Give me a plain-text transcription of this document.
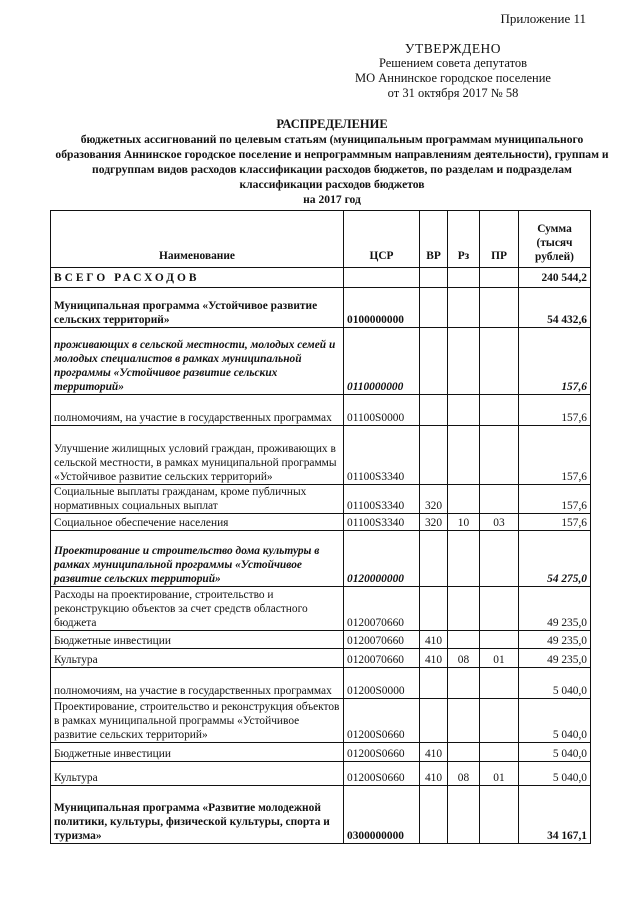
Приложение 11
УТВЕРЖДЕНО
Решением совета депутатов
МО Аннинское городское поселение
от 31 октября 2017 № 58
РАСПРЕДЕЛЕНИЕ
бюджетных ассигнований по целевым статьям (муниципальным программам муниципального образования Аннинское городское поселение и непрограммным направлениям деятельности), группам и подгруппам видов расходов классификации расходов бюджетов, по разделам и подразделам классификации расходов бюджетов
на 2017 год
Наименование	ЦСР	ВР	Рз	ПР	Сумма (тысяч рублей)
ВСЕГО РАСХОДОВ					240 544,2
Муниципальная программа «Устойчивое развитие сельских территорий»	0100000000				54 432,6
проживающих в сельской местности, молодых семей и молодых специалистов в рамках муниципальной программы «Устойчивое развитие сельских территорий»	0110000000				157,6
полномочиям, на участие в государственных программах	01100S0000				157,6
Улучшение жилищных условий граждан, проживающих в сельской местности, в рамках муниципальной программы «Устойчивое развитие сельских территорий»	01100S3340				157,6
Социальные выплаты гражданам, кроме публичных нормативных социальных выплат	01100S3340	320			157,6
Социальное обеспечение населения	01100S3340	320	10	03	157,6
Проектирование и строительство дома культуры в рамках муниципальной программы «Устойчивое развитие сельских территорий»	0120000000				54 275,0
Расходы на проектирование, строительство и реконструкцию объектов за счет средств областного бюджета	0120070660				49 235,0
Бюджетные инвестиции	0120070660	410			49 235,0
Культура	0120070660	410	08	01	49 235,0
полномочиям, на участие в государственных программах	01200S0000				5 040,0
Проектирование, строительство и реконструкция объектов в рамках муниципальной программы «Устойчивое развитие сельских территорий»	01200S0660				5 040,0
Бюджетные инвестиции	01200S0660	410			5 040,0
Культура	01200S0660	410	08	01	5 040,0
Муниципальная программа «Развитие молодежной политики, культуры, физической культуры, спорта и туризма»	0300000000				34 167,1
